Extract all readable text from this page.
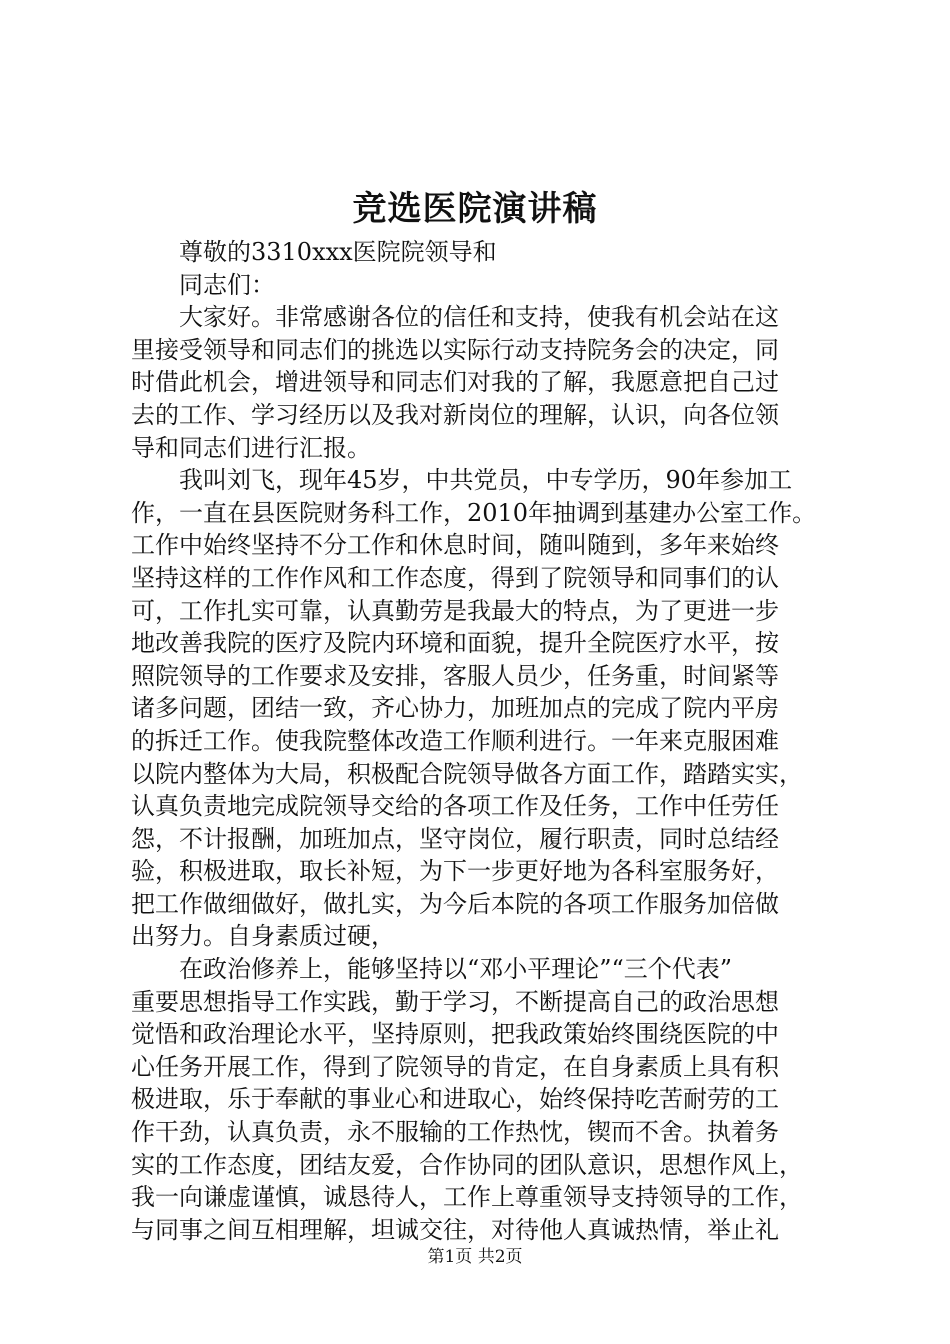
竞选医院演讲稿
尊敬的3310xxx医院院领导和
同志们：
大家好。非常感谢各位的信任和支持，使我有机会站在这
里接受领导和同志们的挑选以实际行动支持院务会的决定，同
时借此机会，增进领导和同志们对我的了解，我愿意把自己过
去的工作、学习经历以及我对新岗位的理解，认识，向各位领
导和同志们进行汇报。
我叫刘飞，现年45岁，中共党员，中专学历，90年参加工
作，一直在县医院财务科工作，2010年抽调到基建办公室工作。
工作中始终坚持不分工作和休息时间，随叫随到，多年来始终
坚持这样的工作作风和工作态度，得到了院领导和同事们的认
可，工作扎实可靠，认真勤劳是我最大的特点，为了更进一步
地改善我院的医疗及院内环境和面貌，提升全院医疗水平，按
照院领导的工作要求及安排，客服人员少，任务重，时间紧等
诸多问题，团结一致，齐心协力，加班加点的完成了院内平房
的拆迁工作。使我院整体改造工作顺利进行。一年来克服困难
以院内整体为大局，积极配合院领导做各方面工作，踏踏实实，
认真负责地完成院领导交给的各项工作及任务，工作中任劳任
怨，不计报酬，加班加点，坚守岗位，履行职责，同时总结经
验，积极进取，取长补短，为下一步更好地为各科室服务好，
把工作做细做好，做扎实，为今后本院的各项工作服务加倍做
出努力。自身素质过硬，
在政治修养上，能够坚持以“邓小平理论”“三个代表”
重要思想指导工作实践，勤于学习，不断提高自己的政治思想
觉悟和政治理论水平，坚持原则，把我政策始终围绕医院的中
心任务开展工作，得到了院领导的肯定，在自身素质上具有积
极进取，乐于奉献的事业心和进取心，始终保持吃苦耐劳的工
作干劲，认真负责，永不服输的工作热忱，锲而不舍。执着务
实的工作态度，团结友爱，合作协同的团队意识，思想作风上，
我一向谦虚谨慎，诚恳待人，工作上尊重领导支持领导的工作，
与同事之间互相理解，坦诚交往，对待他人真诚热情，举止礼
第1页 共2页
